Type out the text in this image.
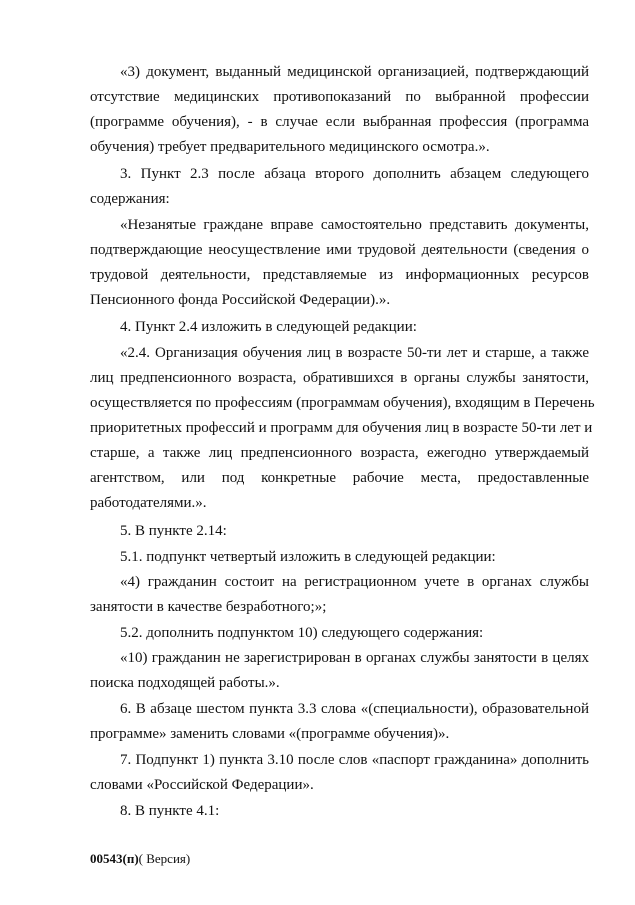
«3) документ, выданный медицинской организацией, подтверждающий
отсутствие медицинских противопоказаний по выбранной профессии
(программе обучения), - в случае если выбранная профессия (программа
обучения) требует предварительного медицинского осмотра.».
3. Пункт 2.3 после абзаца второго дополнить абзацем следующего
содержания:
«Незанятые граждане вправе самостоятельно представить документы,
подтверждающие неосуществление ими трудовой деятельности (сведения о
трудовой деятельности, представляемые из информационных ресурсов
Пенсионного фонда Российской Федерации).».
4. Пункт 2.4 изложить в следующей редакции:
«2.4. Организация обучения лиц в возрасте 50-ти лет и старше, а также
лиц предпенсионного возраста, обратившихся в органы службы занятости,
осуществляется по профессиям (программам обучения), входящим в Перечень
приоритетных профессий и программ для обучения лиц в возрасте 50-ти лет и
старше, а также лиц предпенсионного возраста, ежегодно утверждаемый
агентством, или под конкретные рабочие места, предоставленные
работодателями.».
5. В пункте 2.14:
5.1. подпункт четвертый изложить в следующей редакции:
«4) гражданин состоит на регистрационном учете в органах службы
занятости в качестве безработного;»;
5.2. дополнить подпунктом 10) следующего содержания:
«10) гражданин не зарегистрирован в органах службы занятости в целях
поиска подходящей работы.».
6. В абзаце шестом пункта 3.3 слова «(специальности), образовательной
программе» заменить словами «(программе обучения)».
7. Подпункт 1) пункта 3.10 после слов «паспорт гражданина» дополнить
словами «Российской Федерации».
8. В пункте 4.1:
00543(п)( Версия)
